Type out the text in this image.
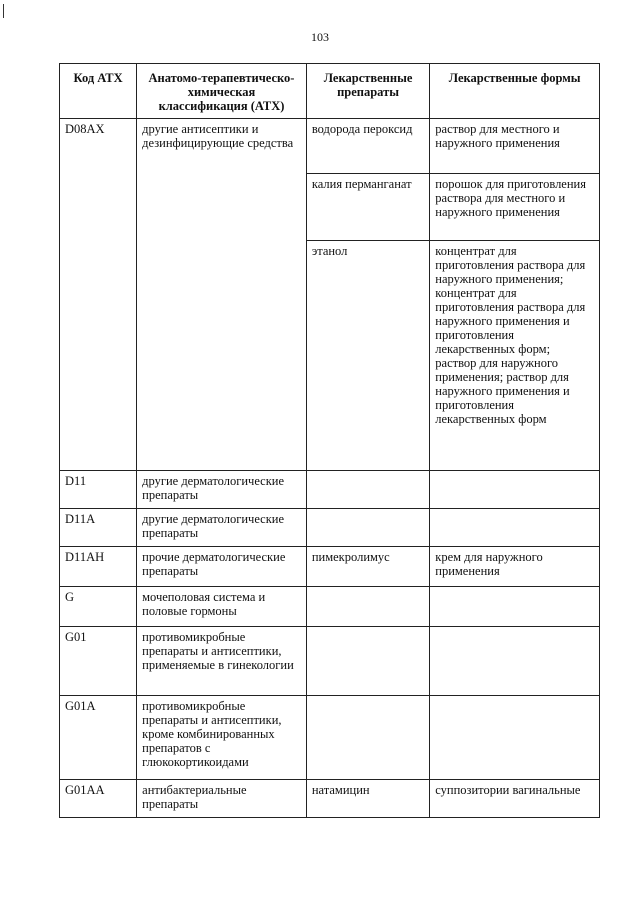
103
Код АТХ	Анатомо-терапевтическо-химическая классификация (АТХ)	Лекарственные препараты	Лекарственные формы
D08AX	другие антисептики и дезинфицирующие средства	водорода пероксид	раствор для местного и наружного применения
		калия перманганат	порошок для приготовления раствора для местного и наружного применения
		этанол	концентрат для приготовления раствора для наружного применения; концентрат для приготовления раствора для наружного применения и приготовления лекарственных форм; раствор для наружного применения; раствор для наружного применения и приготовления лекарственных форм
D11	другие дерматологические препараты		
D11A	другие дерматологические препараты		
D11AH	прочие дерматологические препараты	пимекролимус	крем для наружного применения
G	мочеполовая система и половые гормоны		
G01	противомикробные препараты и антисептики, применяемые в гинекологии		
G01A	противомикробные препараты и антисептики, кроме комбинированных препаратов с глюкокортикоидами		
G01AA	антибактериальные препараты	натамицин	суппозитории вагинальные
